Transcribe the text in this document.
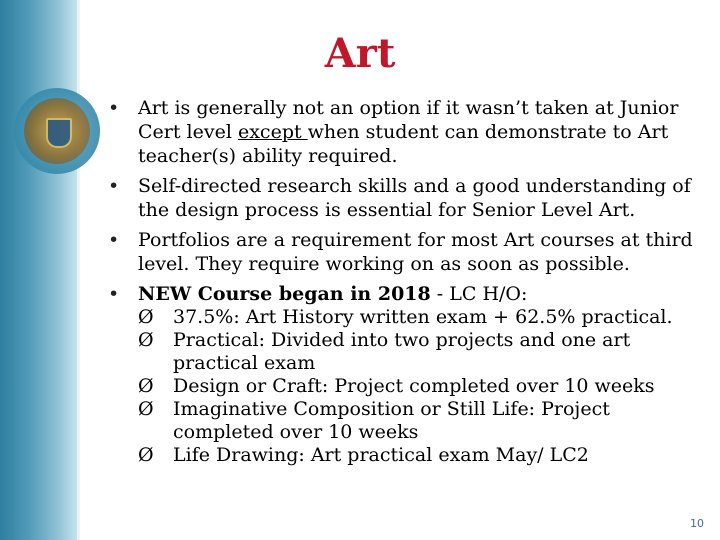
Art
• Art is generally not an option if it wasn’t taken at Junior Cert level except when student can demonstrate to Art teacher(s) ability required.
• Self-directed research skills and a good understanding of the design process is essential for Senior Level Art.
• Portfolios are a requirement for most Art courses at third level. They require working on as soon as possible.
• NEW Course began in 2018 - LC H/O:
Ø	37.5%: Art History written exam + 62.5% practical.
Ø	Practical: Divided into two projects and one art practical exam
Ø	Design or Craft: Project completed over 10 weeks
Ø	Imaginative Composition or Still Life: Project completed over 10 weeks
Ø	Life Drawing: Art practical exam May/ LC2
10
